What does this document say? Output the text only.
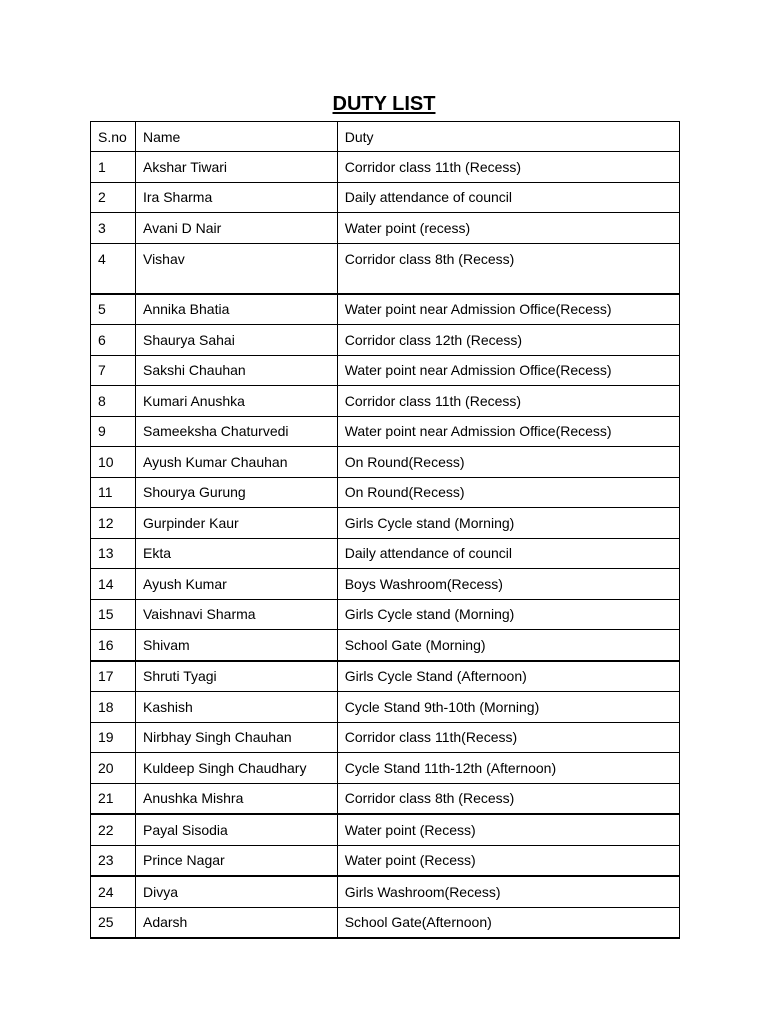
DUTY LIST
S.no	Name	Duty
1	Akshar Tiwari	Corridor class 11th (Recess)
2	Ira Sharma	Daily attendance of council
3	Avani D Nair	Water point (recess)
4	Vishav	Corridor class 8th (Recess)
5	Annika Bhatia	Water point near Admission Office(Recess)
6	Shaurya Sahai	Corridor class 12th (Recess)
7	Sakshi Chauhan	Water point near Admission Office(Recess)
8	Kumari Anushka	Corridor class 11th (Recess)
9	Sameeksha Chaturvedi	Water point near Admission Office(Recess)
10	Ayush Kumar Chauhan	On Round(Recess)
11	Shourya Gurung	On Round(Recess)
12	Gurpinder Kaur	Girls Cycle stand (Morning)
13	Ekta	Daily attendance of council
14	Ayush Kumar	Boys Washroom(Recess)
15	Vaishnavi Sharma	Girls Cycle stand (Morning)
16	Shivam	School Gate (Morning)
17	Shruti Tyagi	Girls Cycle Stand (Afternoon)
18	Kashish	Cycle Stand 9th-10th (Morning)
19	Nirbhay Singh Chauhan	Corridor class 11th(Recess)
20	Kuldeep Singh Chaudhary	Cycle Stand 11th-12th (Afternoon)
21	Anushka Mishra	Corridor class 8th (Recess)
22	Payal Sisodia	Water point (Recess)
23	Prince Nagar	Water point (Recess)
24	Divya	Girls Washroom(Recess)
25	Adarsh	School Gate(Afternoon)
